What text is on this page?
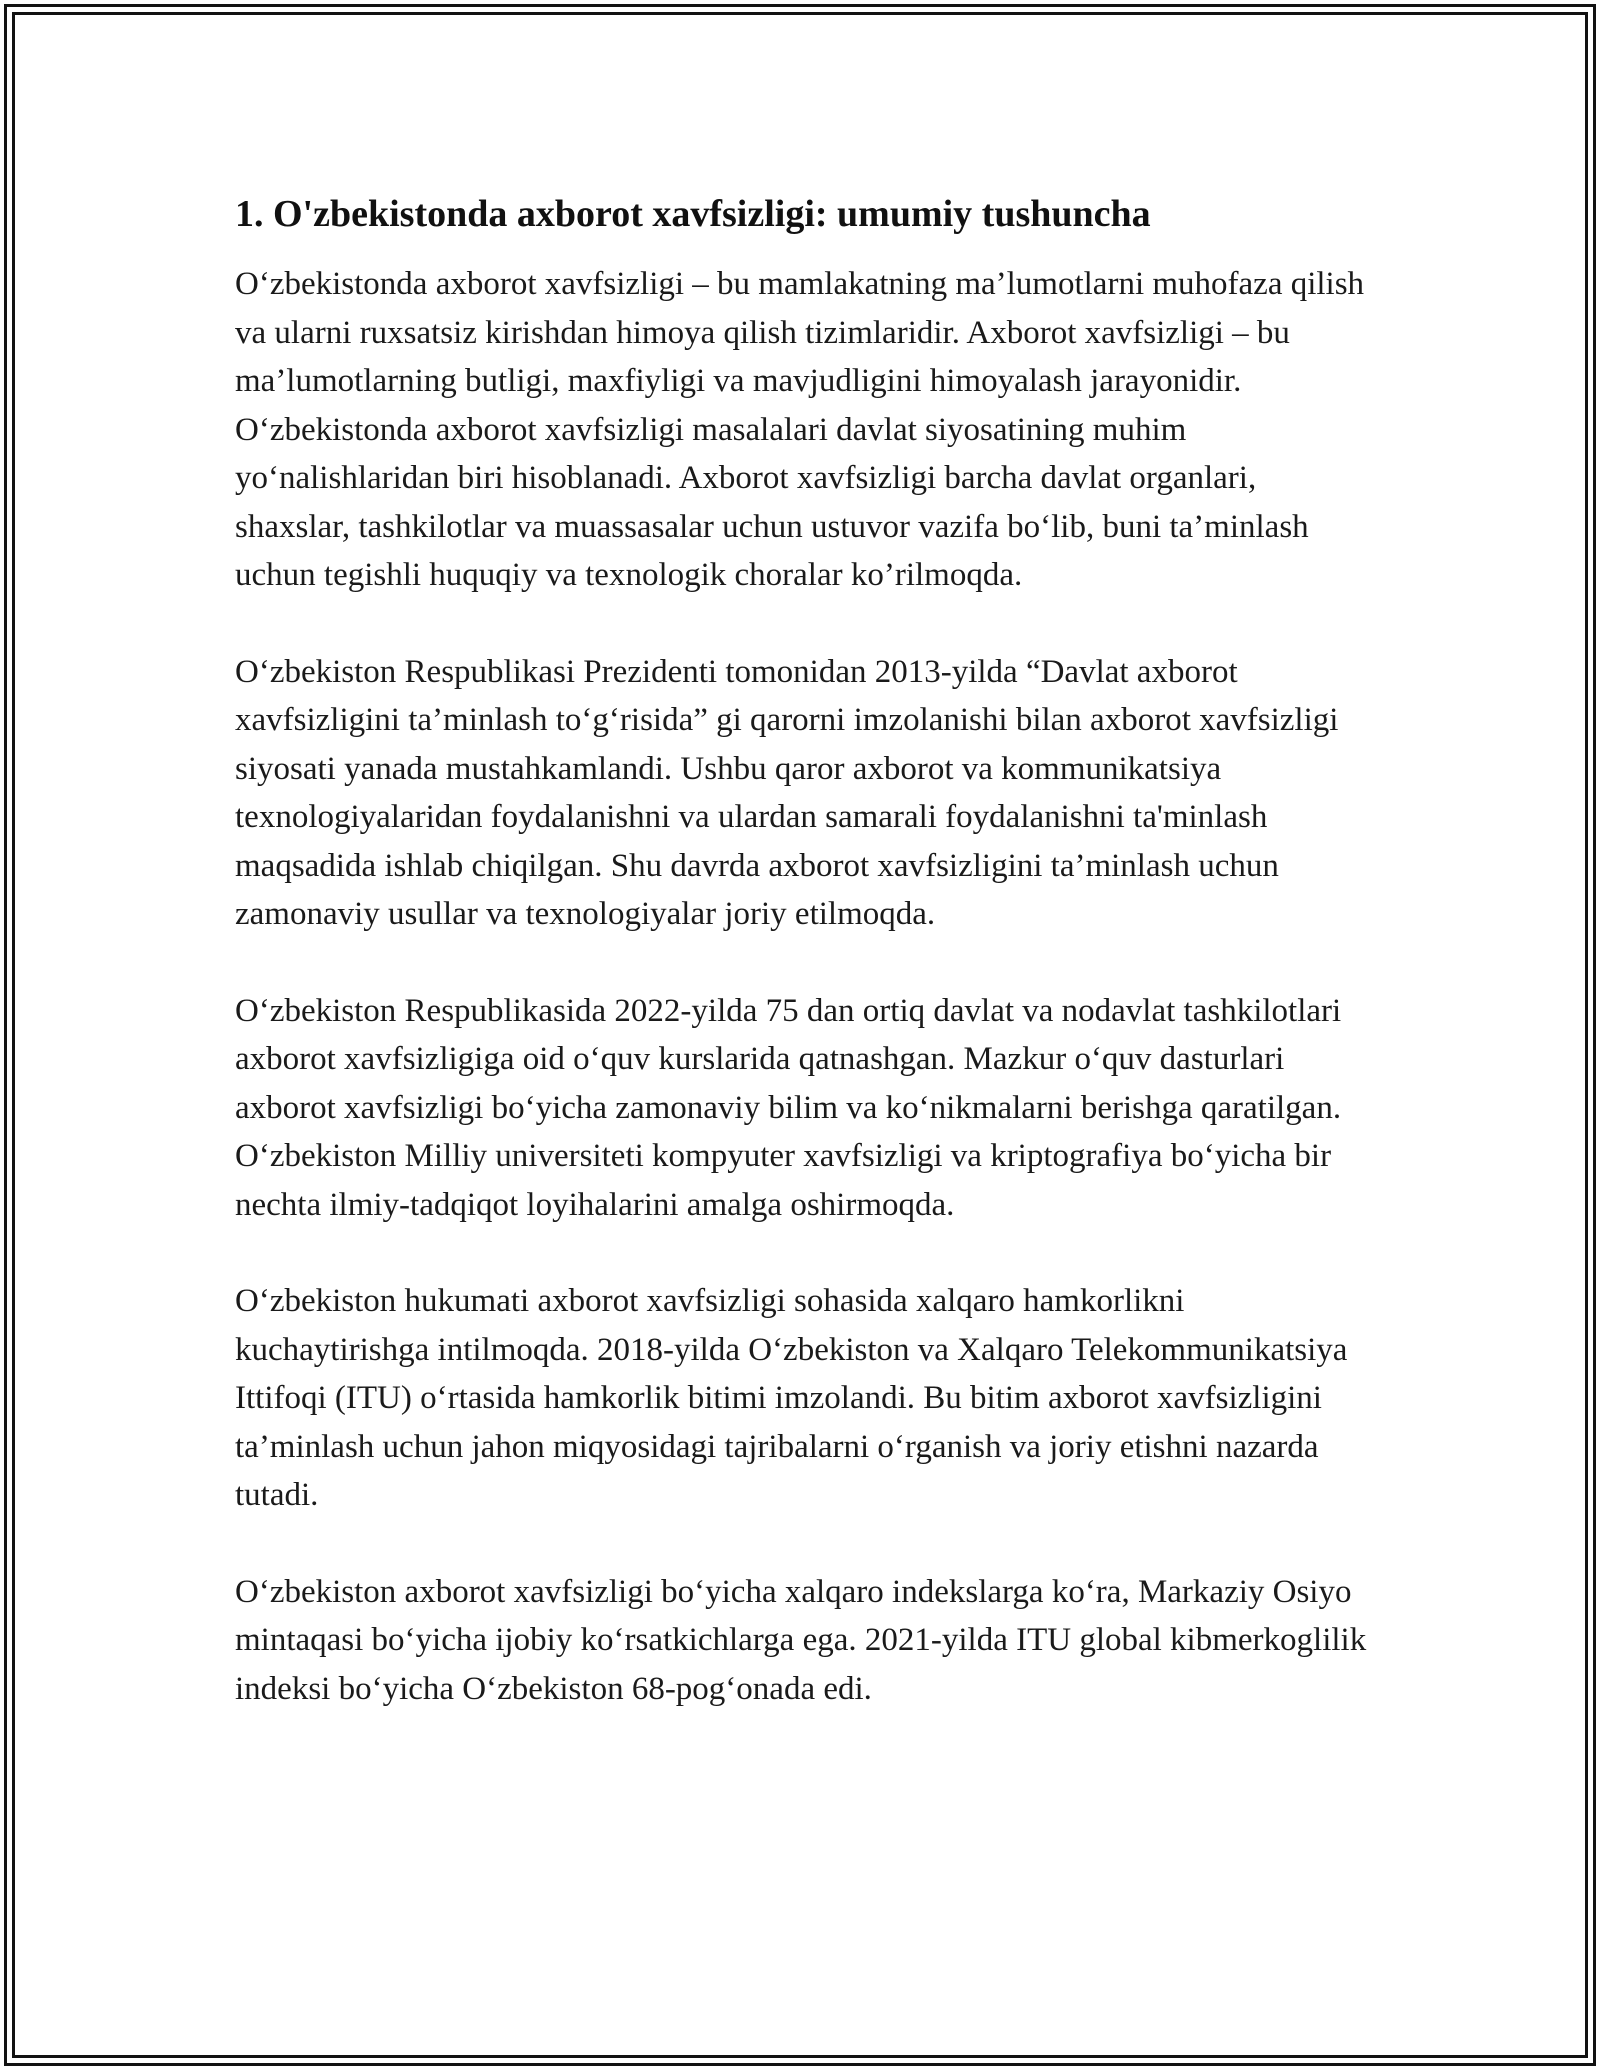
1. O'zbekistonda axborot xavfsizligi: umumiy tushuncha

O‘zbekistonda axborot xavfsizligi – bu mamlakatning ma’lumotlarni muhofaza qilish va ularni ruxsatsiz kirishdan himoya qilish tizimlaridir. Axborot xavfsizligi – bu ma’lumotlarning butligi, maxfiyligi va mavjudligini himoyalash jarayonidir. O‘zbekistonda axborot xavfsizligi masalalari davlat siyosatining muhim yo‘nalishlaridan biri hisoblanadi. Axborot xavfsizligi barcha davlat organlari, shaxslar, tashkilotlar va muassasalar uchun ustuvor vazifa bo‘lib, buni ta’minlash uchun tegishli huquqiy va texnologik choralar ko’rilmoqda.

O‘zbekiston Respublikasi Prezidenti tomonidan 2013-yilda “Davlat axborot xavfsizligini ta’minlash to‘g‘risida” gi qarorni imzolanishi bilan axborot xavfsizligi siyosati yanada mustahkamlandi. Ushbu qaror axborot va kommunikatsiya texnologiyalaridan foydalanishni va ulardan samarali foydalanishni ta'minlash maqsadida ishlab chiqilgan. Shu davrda axborot xavfsizligini ta’minlash uchun zamonaviy usullar va texnologiyalar joriy etilmoqda.

O‘zbekiston Respublikasida 2022-yilda 75 dan ortiq davlat va nodavlat tashkilotlari axborot xavfsizligiga oid o‘quv kurslarida qatnashgan. Mazkur o‘quv dasturlari axborot xavfsizligi bo‘yicha zamonaviy bilim va ko‘nikmalarni berishga qaratilgan. O‘zbekiston Milliy universiteti kompyuter xavfsizligi va kriptografiya bo‘yicha bir nechta ilmiy-tadqiqot loyihalarini amalga oshirmoqda.

O‘zbekiston hukumati axborot xavfsizligi sohasida xalqaro hamkorlikni kuchaytirishga intilmoqda. 2018-yilda O‘zbekiston va Xalqaro Telekommunikatsiya Ittifoqi (ITU) o‘rtasida hamkorlik bitimi imzolandi. Bu bitim axborot xavfsizligini ta’minlash uchun jahon miqyosidagi tajribalarni o‘rganish va joriy etishni nazarda tutadi.

O‘zbekiston axborot xavfsizligi bo‘yicha xalqaro indekslarga ko‘ra, Markaziy Osiyo mintaqasi bo‘yicha ijobiy ko‘rsatkichlarga ega. 2021-yilda ITU global kibmerkoglilik indeksi bo‘yicha O‘zbekiston 68-pog‘onada edi.
